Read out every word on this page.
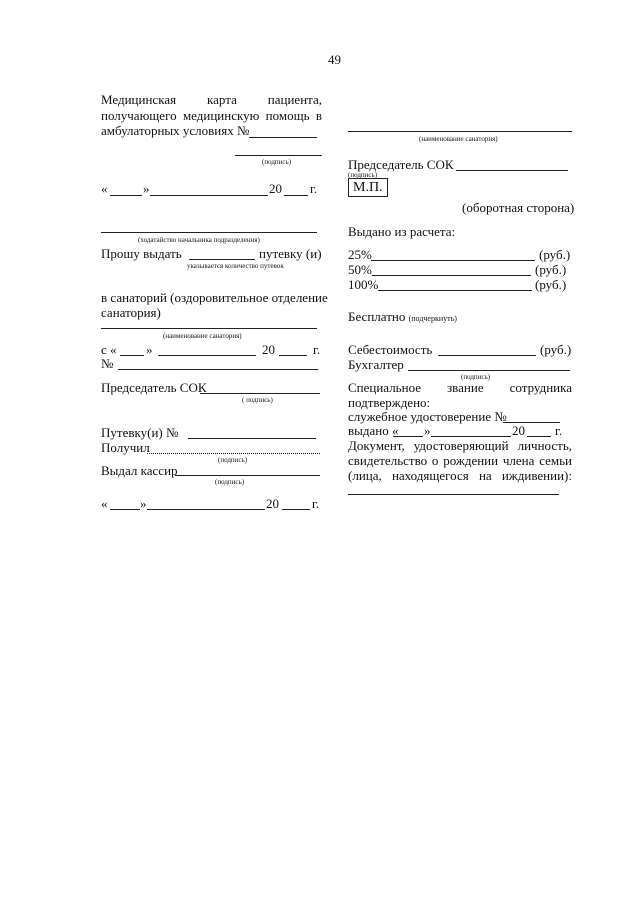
49
Медицинская карта пациента,
получающего медицинскую помощь в
амбулаторных условиях №
(подпись)
«	»	20 г.
(ходатайство начальника подразделения)
Прошу выдать	путевку (и)
указывается количество путевок
в санаторий (оздоровительное отделение
санатория)
(наименование санатория)
с « »	20	г.
№
Председатель СОК
( подпись)
Путевку(и) №
Получил
(подпись)
Выдал кассир
(подпись)
«	»	20	г.
(наименование санатория)
Председатель СОК
(подпись)
М.П.
(оборотная сторона)
Выдано из расчета:
25%	(руб.)
50%	(руб.)
100%	(руб.)
Бесплатно (подчеркнуть)
Себестоимость	(руб.)
Бухгалтер
(подпись)
Специальное звание сотрудника
подтверждено:
служебное удостоверение №
выдано « »	20 г.
Документ, удостоверяющий личность,
свидетельство о рождении члена семьи
(лица, находящегося на иждивении):
